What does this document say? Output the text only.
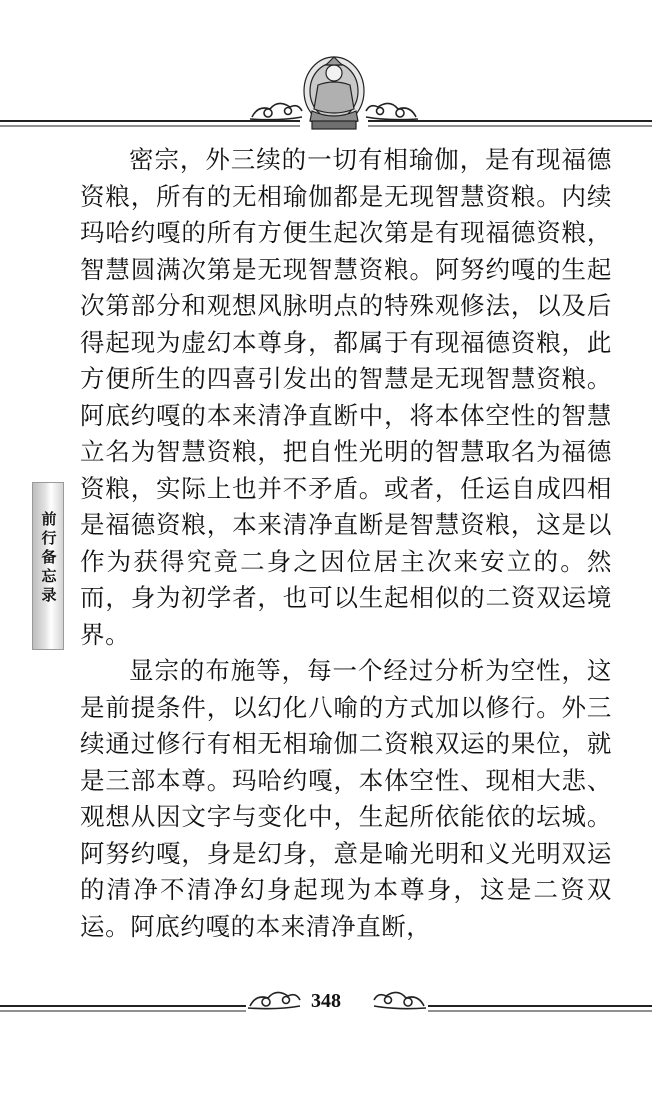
前行备忘录

密宗，外三续的一切有相瑜伽，是有现福德资粮，所有的无相瑜伽都是无现智慧资粮。内续玛哈约嘎的所有方便生起次第是有现福德资粮，智慧圆满次第是无现智慧资粮。阿努约嘎的生起次第部分和观想风脉明点的特殊观修法，以及后得起现为虚幻本尊身，都属于有现福德资粮，此方便所生的四喜引发出的智慧是无现智慧资粮。阿底约嘎的本来清净直断中，将本体空性的智慧立名为智慧资粮，把自性光明的智慧取名为福德资粮，实际上也并不矛盾。或者，任运自成四相是福德资粮，本来清净直断是智慧资粮，这是以作为获得究竟二身之因位居主次来安立的。然而，身为初学者，也可以生起相似的二资双运境界。

显宗的布施等，每一个经过分析为空性，这是前提条件，以幻化八喻的方式加以修行。外三续通过修行有相无相瑜伽二资粮双运的果位，就是三部本尊。玛哈约嘎，本体空性、现相大悲、观想从因文字与变化中，生起所依能依的坛城。阿努约嘎，身是幻身，意是喻光明和义光明双运的清净不清净幻身起现为本尊身，这是二资双运。阿底约嘎的本来清净直断，

348
